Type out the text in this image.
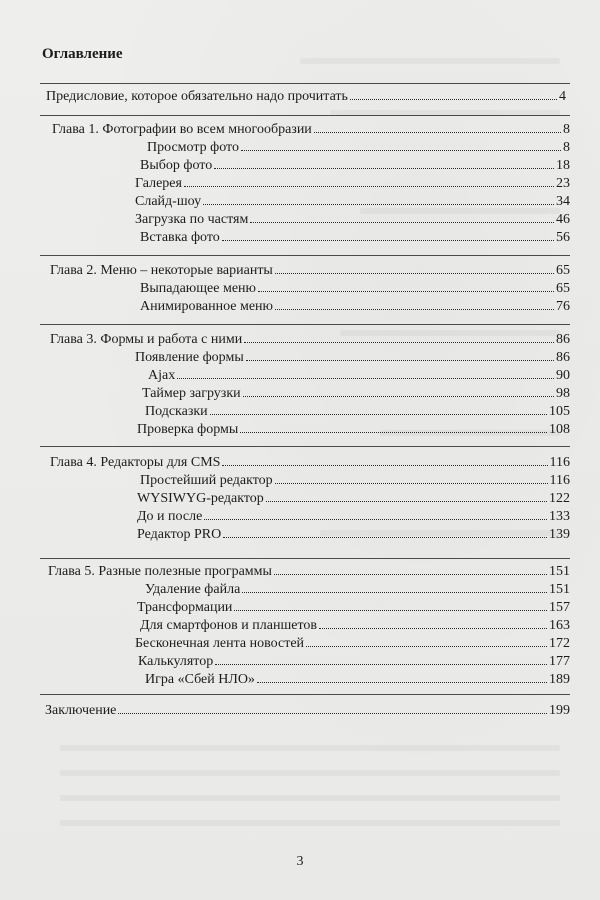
Оглавление
Предисловие, которое обязательно надо прочитать	4
Глава 1. Фотографии во всем многообразии	8
Просмотр фото	8
Выбор фото	18
Галерея	23
Слайд-шоу	34
Загрузка по частям	46
Вставка фото	56
Глава 2. Меню – некоторые варианты	65
Выпадающее меню	65
Анимированное меню	76
Глава 3. Формы и работа с ними	86
Появление формы	86
Ajax	90
Таймер загрузки	98
Подсказки	105
Проверка формы	108
Глава 4. Редакторы для CMS	116
Простейший редактор	116
WYSIWYG-редактор	122
До и после	133
Редактор PRO	139
Глава 5. Разные полезные программы	151
Удаление файла	151
Трансформации	157
Для смартфонов и планшетов	163
Бесконечная лента новостей	172
Калькулятор	177
Игра «Сбей НЛО»	189
Заключение	199
3
